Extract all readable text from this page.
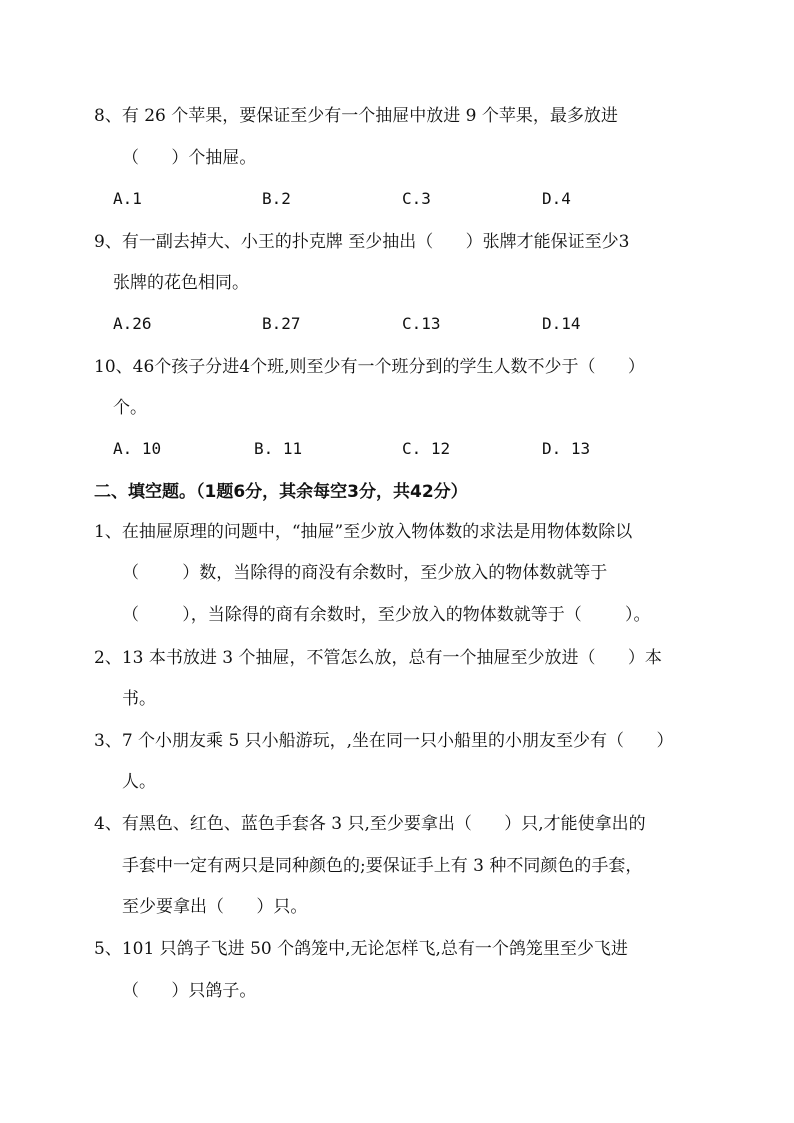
8、有 26 个苹果，要保证至少有一个抽屉中放进 9 个苹果，最多放进
（      ）个抽屉。
A.1	B.2	C.3	D.4
9、有一副去掉大、小王的扑克牌 至少抽出（      ）张牌才能保证至少3
张牌的花色相同。
A.26	B.27	C.13	D.14
10、46个孩子分进4个班,则至少有一个班分到的学生人数不少于（      ）
个。
A. 10	B. 11	C. 12	D. 13
二、填空题。（1题6分，其余每空3分，共42分）
1、在抽屉原理的问题中，“抽屉”至少放入物体数的求法是用物体数除以
（        ）数，当除得的商没有余数时，至少放入的物体数就等于
（        ），当除得的商有余数时，至少放入的物体数就等于（        ）。
2、13 本书放进 3 个抽屉，不管怎么放，总有一个抽屉至少放进（      ）本
书。
3、7 个小朋友乘 5 只小船游玩，,坐在同一只小船里的小朋友至少有（      ）
人。
4、有黑色、红色、蓝色手套各 3 只,至少要拿出（      ）只,才能使拿出的
手套中一定有两只是同种颜色的;要保证手上有 3 种不同颜色的手套，
至少要拿出（      ）只。
5、101 只鸽子飞进 50 个鸽笼中,无论怎样飞,总有一个鸽笼里至少飞进
（      ）只鸽子。
